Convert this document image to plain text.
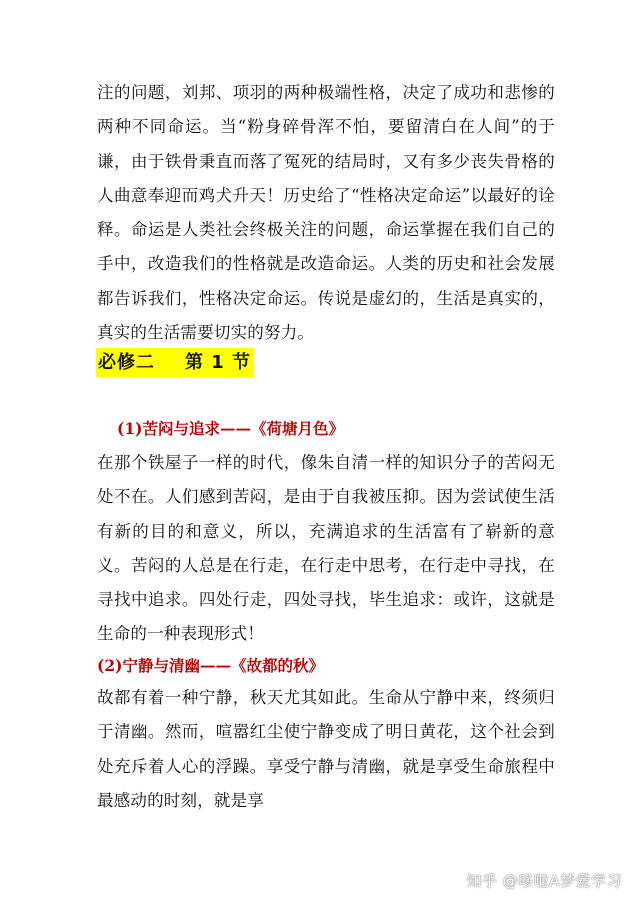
注的问题，刘邦、项羽的两种极端性格，决定了成功和悲惨的两种不同命运。当“粉身碎骨浑不怕，要留清白在人间”的于谦，由于铁骨秉直而落了冤死的结局时，又有多少丧失骨格的人曲意奉迎而鸡犬升天！历史给了“性格决定命运”以最好的诠释。命运是人类社会终极关注的问题，命运掌握在我们自己的手中，改造我们的性格就是改造命运。人类的历史和社会发展都告诉我们，性格决定命运。传说是虚幻的，生活是真实的，真实的生活需要切实的努力。

必修二 第 1 节
(1)苦闷与追求——《荷塘月色》

在那个铁屋子一样的时代，像朱自清一样的知识分子的苦闷无处不在。人们感到苦闷，是由于自我被压抑。因为尝试使生活有新的目的和意义，所以，充满追求的生活富有了崭新的意义。苦闷的人总是在行走，在行走中思考，在行走中寻找，在寻找中追求。四处行走，四处寻找，毕生追求：或许，这就是生命的一种表现形式！

(2)宁静与清幽——《故都的秋》

故都有着一种宁静，秋天尤其如此。生命从宁静中来，终须归于清幽。然而，喧嚣红尘使宁静变成了明日黄花，这个社会到处充斥着人心的浮躁。享受宁静与清幽，就是享受生命旅程中最感动的时刻，就是享

知乎 @哆啦A梦爱学习
